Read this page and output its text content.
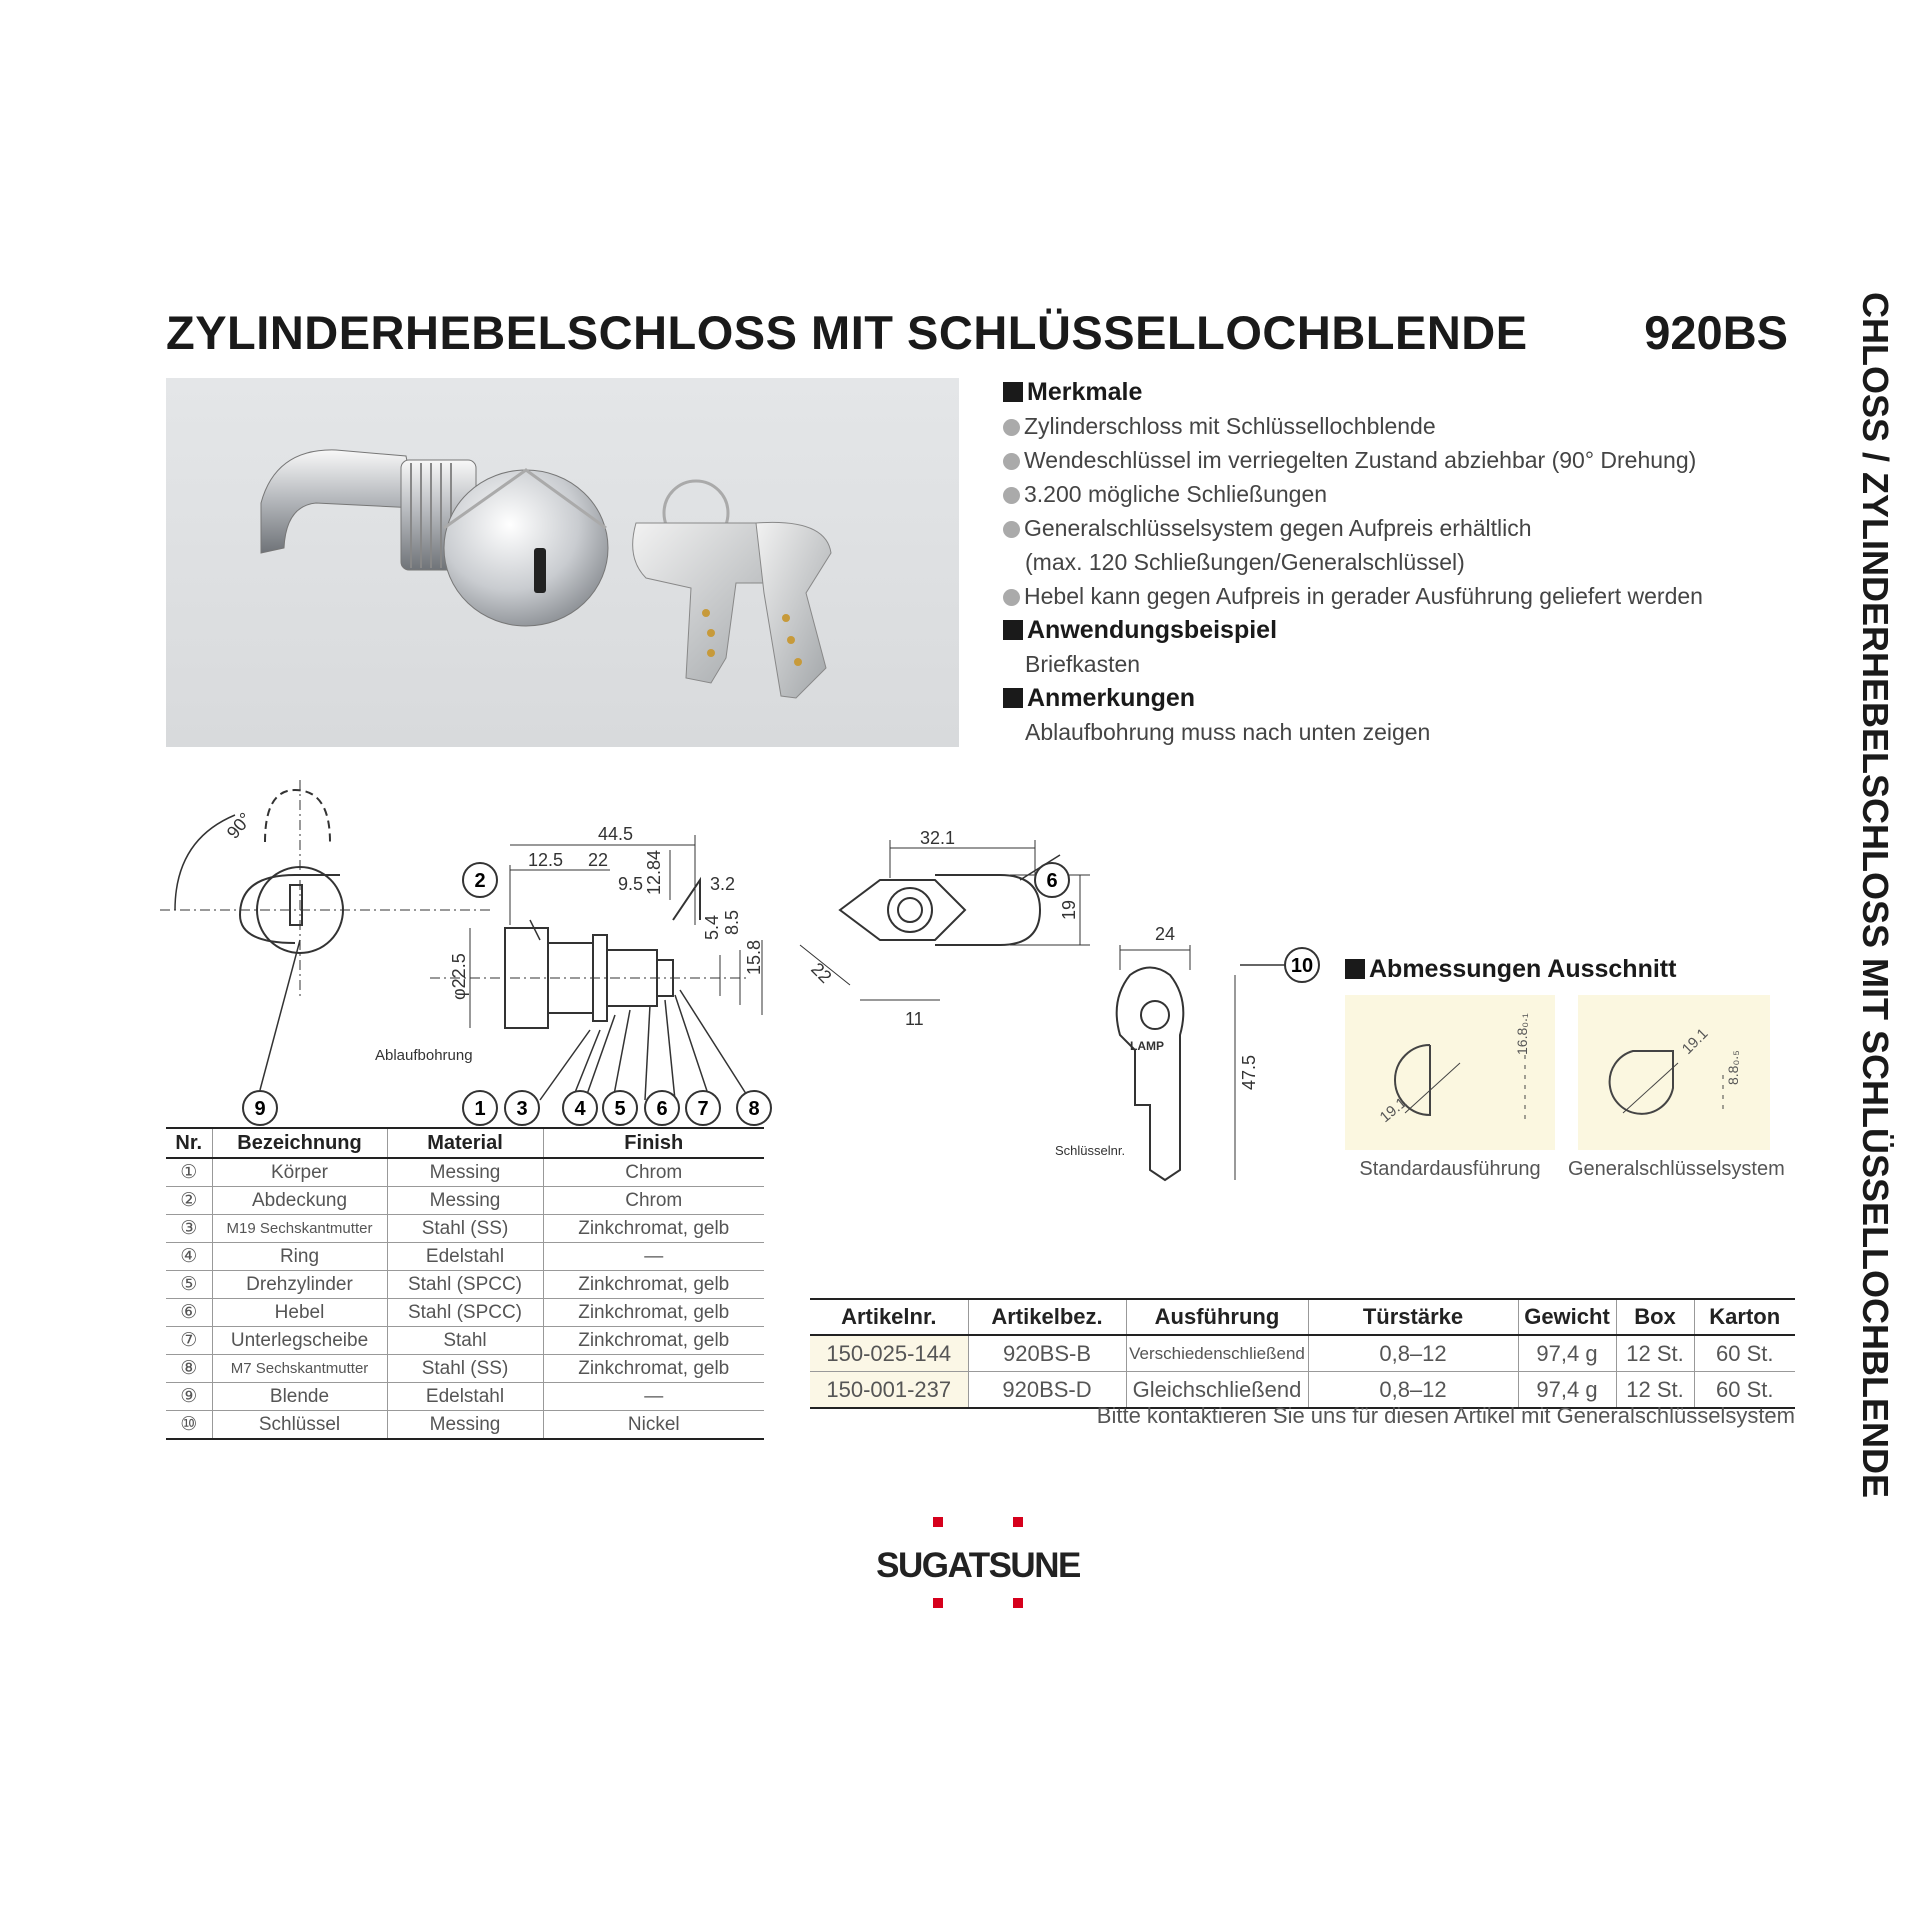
ZYLINDERHEBELSCHLOSS MIT SCHLÜSSELLOCHBLENDE 920BS CHLOSS / ZYLINDERHEBELSCHLOSS MIT SCHLÜSSELLOCHBLENDE
Merkmale
Zylinderschloss mit Schlüssellochblende
Wendeschlüssel im verriegelten Zustand abziehbar (90° Drehung)
3.200 mögliche Schließungen
Generalschlüsselsystem gegen Aufpreis erhältlich
(max. 120 Schließungen/Generalschlüssel)
Hebel kann gegen Aufpreis in gerader Ausführung geliefert werden
Anwendungsbeispiel
Briefkasten
Anmerkungen
Ablaufbohrung muss nach unten zeigen
90°	44.5
12.5 22
9.5	3.2
12.84
5.4 8.5
15.8
φ22.5
32.1
19
22
11
24
47.5
Ablaufbohrung
Schlüsselnr.
LAMP
2	6
10
9	1 3 4 5 6 7 8
Abmessungen Ausschnitt
19.1
16.8₀.₁	19.1
8.8₀.₅
Standardausführung	Generalschlüsselsystem
Nr.	Bezeichnung	Material	Finish
①	Körper	Messing	Chrom
②	Abdeckung	Messing	Chrom
③	M19 Sechskantmutter	Stahl (SS)	Zinkchromat, gelb
④	Ring	Edelstahl	—
⑤	Drehzylinder	Stahl (SPCC)	Zinkchromat, gelb
⑥	Hebel	Stahl (SPCC)	Zinkchromat, gelb
⑦	Unterlegscheibe	Stahl	Zinkchromat, gelb
⑧	M7 Sechskantmutter	Stahl (SS)	Zinkchromat, gelb
⑨	Blende	Edelstahl	—
⑩	Schlüssel	Messing	Nickel
Artikelnr.	Artikelbez.	Ausführung	Türstärke	Gewicht	Box	Karton
150-025-144	920BS-B	Verschiedenschließend	0,8–12	97,4 g	12 St.	60 St.
150-001-237	920BS-D	Gleichschließend	0,8–12	97,4 g	12 St.	60 St.
Bitte kontaktieren Sie uns für diesen Artikel mit Generalschlüsselsystem
SUGATSUNE
